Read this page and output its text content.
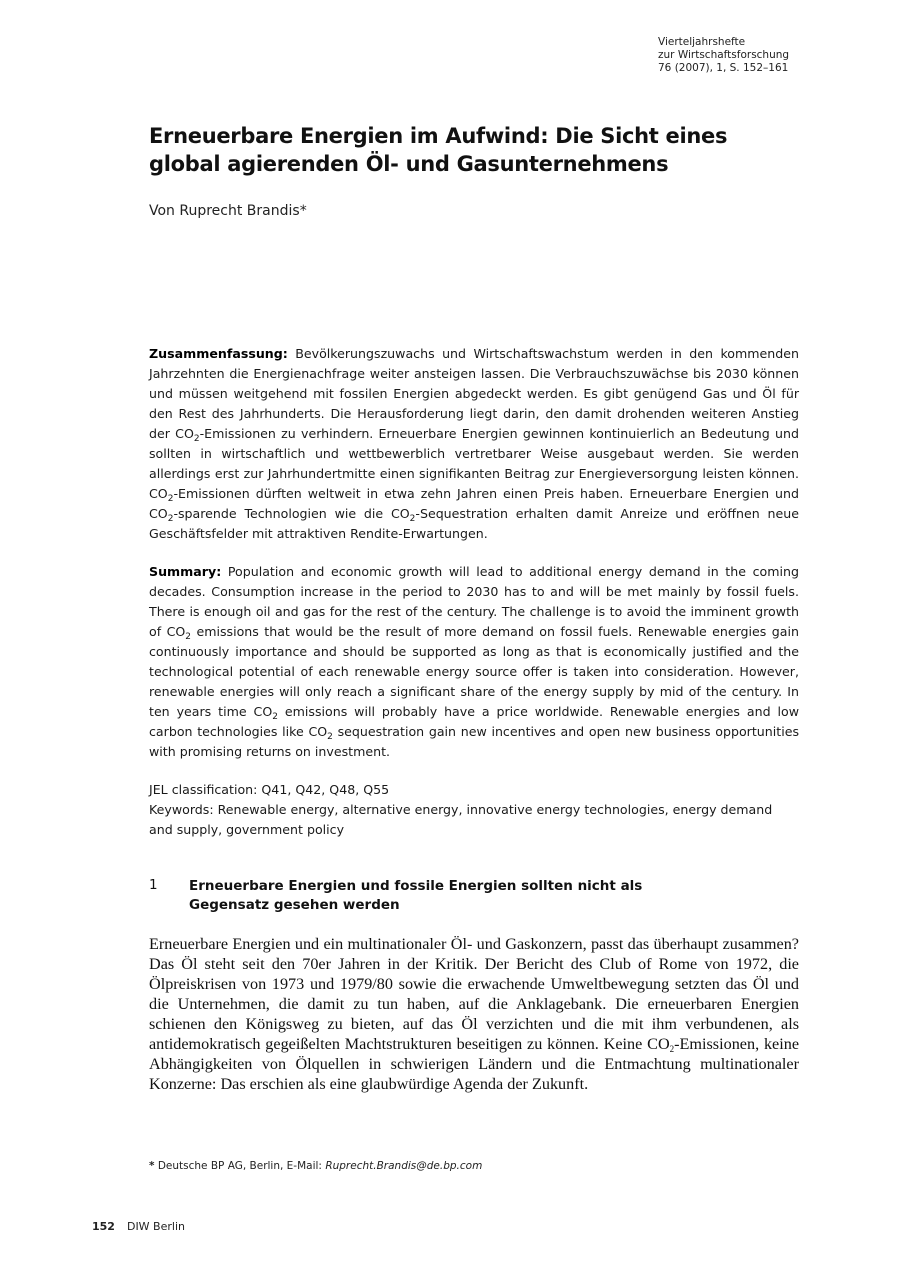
Vierteljahrshefte
zur Wirtschaftsforschung
76 (2007), 1, S. 152–161
Erneuerbare Energien im Aufwind: Die Sicht eines
global agierenden Öl- und Gasunternehmens
Von Ruprecht Brandis*
Zusammenfassung: Bevölkerungszuwachs und Wirtschaftswachstum werden in den kommenden Jahrzehnten die Energienachfrage weiter ansteigen lassen. Die Verbrauchszuwächse bis 2030 können und müssen weitgehend mit fossilen Energien abgedeckt werden. Es gibt genügend Gas und Öl für den Rest des Jahrhunderts. Die Herausforderung liegt darin, den damit drohenden weiteren Anstieg der $CO_2$-Emissionen zu verhindern. Erneuerbare Energien gewinnen kontinuierlich an Bedeutung und sollten in wirtschaftlich und wettbewerblich vertretbarer Weise ausgebaut werden. Sie werden allerdings erst zur Jahrhundertmitte einen signifikanten Beitrag zur Energieversorgung leisten können. $CO_2$-Emissionen dürften weltweit in etwa zehn Jahren einen Preis haben. Erneuerbare Energien und $CO_2$-sparende Technologien wie die $CO_2$-Sequestration erhalten damit Anreize und eröffnen neue Geschäftsfelder mit attraktiven Rendite-Erwartungen.
Summary: Population and economic growth will lead to additional energy demand in the coming decades. Consumption increase in the period to 2030 has to and will be met mainly by fossil fuels. There is enough oil and gas for the rest of the century. The challenge is to avoid the imminent growth of $CO_2$ emissions that would be the result of more demand on fossil fuels. Renewable energies gain continuously importance and should be supported as long as that is economically justified and the technological potential of each renewable energy source offer is taken into consideration. However, renewable energies will only reach a significant share of the energy supply by mid of the century. In ten years time $CO_2$ emissions will probably have a price worldwide. Renewable energies and low carbon technologies like $CO_2$ sequestration gain new incentives and open new business opportunities with promising returns on investment.
JEL classification: Q41, Q42, Q48, Q55
Keywords: Renewable energy, alternative energy, innovative energy technologies, energy demand and supply, government policy
1 Erneuerbare Energien und fossile Energien sollten nicht als
Gegensatz gesehen werden
Erneuerbare Energien und ein multinationaler Öl- und Gaskonzern, passt das überhaupt zusammen? Das Öl steht seit den 70er Jahren in der Kritik. Der Bericht des Club of Rome von 1972, die Ölpreiskrisen von 1973 und 1979/80 sowie die erwachende Umweltbewegung setzten das Öl und die Unternehmen, die damit zu tun haben, auf die Anklagebank. Die erneuerbaren Energien schienen den Königsweg zu bieten, auf das Öl verzichten und die mit ihm verbundenen, als antidemokratisch gegeißelten Machtstrukturen beseitigen zu können. Keine $CO_2$-Emissionen, keine Abhängigkeiten von Ölquellen in schwierigen Ländern und die Entmachtung multinationaler Konzerne: Das erschien als eine glaubwürdige Agenda der Zukunft.
* Deutsche BP AG, Berlin, E-Mail: Ruprecht.Brandis@de.bp.com
152 DIW Berlin
